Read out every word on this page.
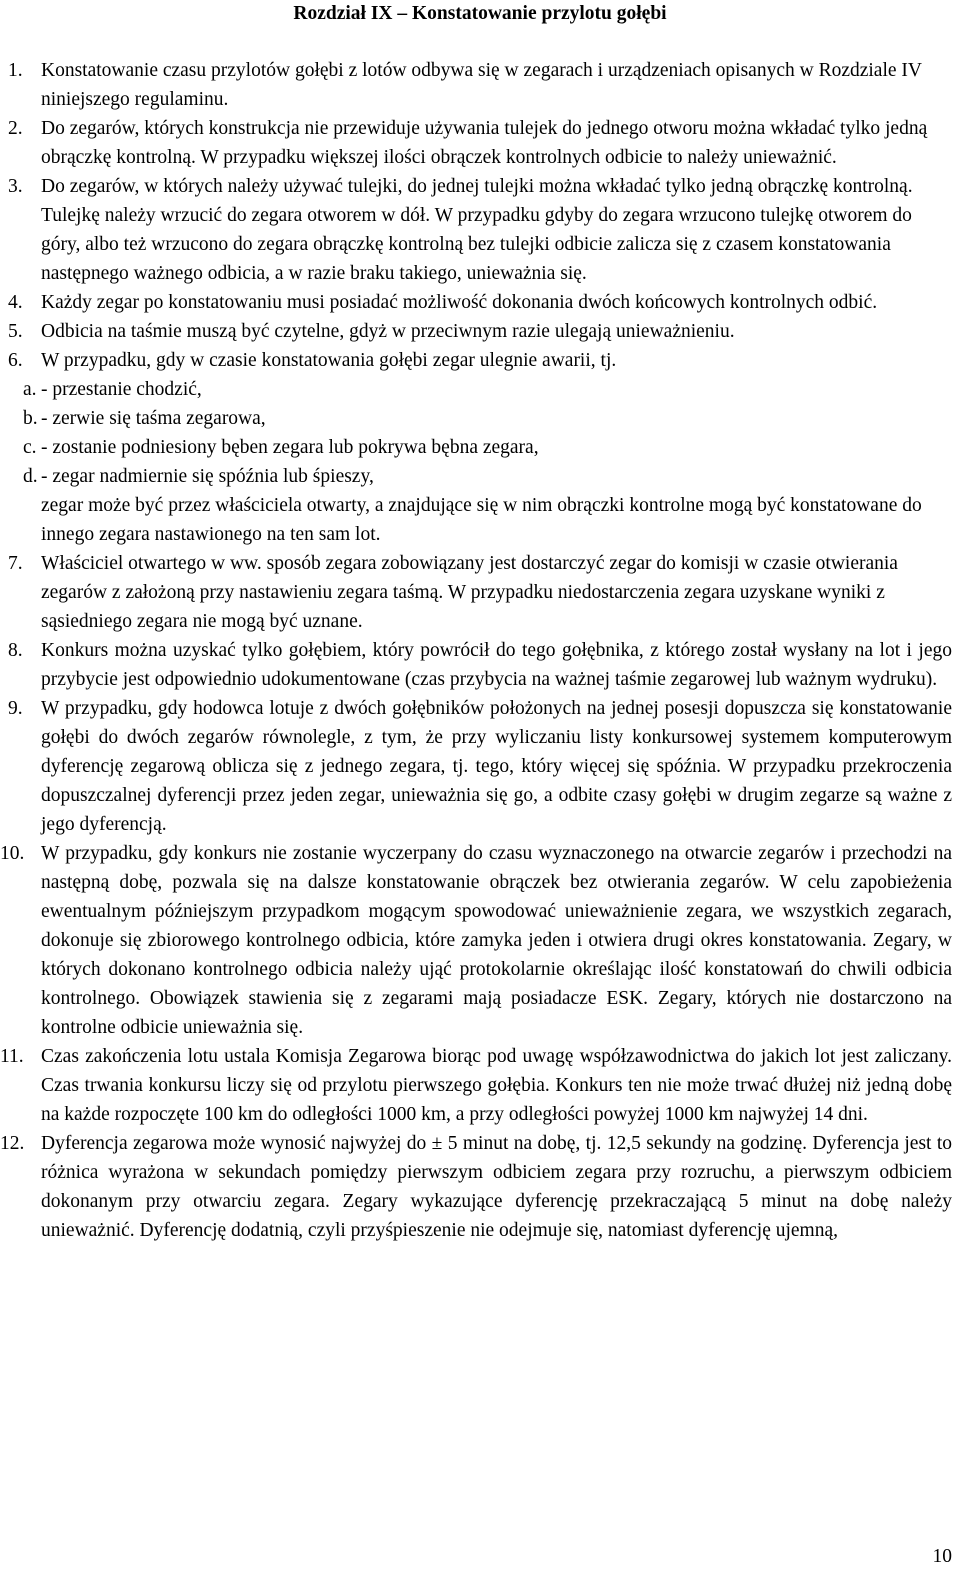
Rozdział IX – Konstatowanie przylotu gołębi
1. Konstatowanie czasu przylotów gołębi z lotów odbywa się w zegarach i urządzeniach opisanych w Rozdziale IV niniejszego regulaminu.
2. Do zegarów, których konstrukcja nie przewiduje używania tulejek do jednego otworu można wkładać tylko jedną obrączkę kontrolną. W przypadku większej ilości obrączek kontrolnych odbicie to należy unieważnić.
3. Do zegarów, w których należy używać tulejki, do jednej tulejki można wkładać tylko jedną obrączkę kontrolną. Tulejkę należy wrzucić do zegara otworem w dół. W przypadku gdyby do zegara wrzucono tulejkę otworem do góry, albo też wrzucono do zegara obrączkę kontrolną bez tulejki odbicie zalicza się z czasem konstatowania następnego ważnego odbicia, a w razie braku takiego, unieważnia się.
4. Każdy zegar po konstatowaniu musi posiadać możliwość dokonania dwóch końcowych kontrolnych odbić.
5. Odbicia na taśmie muszą być czytelne, gdyż w przeciwnym razie ulegają unieważnieniu.
6. W przypadku, gdy w czasie konstatowania gołębi zegar ulegnie awarii, tj.
a. - przestanie chodzić,
b. - zerwie się taśma zegarowa,
c. - zostanie podniesiony bęben zegara lub pokrywa bębna zegara,
d. - zegar nadmiernie się spóźnia lub śpieszy,
zegar może być przez właściciela otwarty, a znajdujące się w nim obrączki kontrolne mogą być konstatowane do innego zegara nastawionego na ten sam lot.
7. Właściciel otwartego w ww. sposób zegara zobowiązany jest dostarczyć zegar do komisji w czasie otwierania zegarów z założoną przy nastawieniu zegara taśmą. W przypadku niedostarczenia zegara uzyskane wyniki z sąsiedniego zegara nie mogą być uznane.
8. Konkurs można uzyskać tylko gołębiem, który powrócił do tego gołębnika, z którego został wysłany na lot i jego przybycie jest odpowiednio udokumentowane (czas przybycia na ważnej taśmie zegarowej lub ważnym wydruku).
9. W przypadku, gdy hodowca lotuje z dwóch gołębników położonych na jednej posesji dopuszcza się konstatowanie gołębi do dwóch zegarów równolegle, z tym, że przy wyliczaniu listy konkursowej systemem komputerowym dyferencję zegarową oblicza się z jednego zegara, tj. tego, który więcej się spóźnia. W przypadku przekroczenia dopuszczalnej dyferencji przez jeden zegar, unieważnia się go, a odbite czasy gołębi w drugim zegarze są ważne z jego dyferencją.
10. W przypadku, gdy konkurs nie zostanie wyczerpany do czasu wyznaczonego na otwarcie zegarów i przechodzi na następną dobę, pozwala się na dalsze konstatowanie obrączek bez otwierania zegarów. W celu zapobieżenia ewentualnym późniejszym przypadkom mogącym spowodować unieważnienie zegara, we wszystkich zegarach, dokonuje się zbiorowego kontrolnego odbicia, które zamyka jeden i otwiera drugi okres konstatowania. Zegary, w których dokonano kontrolnego odbicia należy ująć protokolarnie określając ilość konstatowań do chwili odbicia kontrolnego. Obowiązek stawienia się z zegarami mają posiadacze ESK. Zegary, których nie dostarczono na kontrolne odbicie unieważnia się.
11. Czas zakończenia lotu ustala Komisja Zegarowa biorąc pod uwagę współzawodnictwa do jakich lot jest zaliczany. Czas trwania konkursu liczy się od przylotu pierwszego gołębia. Konkurs ten nie może trwać dłużej niż jedną dobę na każde rozpoczęte 100 km do odległości 1000 km, a przy odległości powyżej 1000 km najwyżej 14 dni.
12. Dyferencja zegarowa może wynosić najwyżej do ± 5 minut na dobę, tj. 12,5 sekundy na godzinę. Dyferencja jest to różnica wyrażona w sekundach pomiędzy pierwszym odbiciem zegara przy rozruchu, a pierwszym odbiciem dokonanym przy otwarciu zegara. Zegary wykazujące dyferencję przekraczającą 5 minut na dobę należy unieważnić. Dyferencję dodatnią, czyli przyśpieszenie nie odejmuje się, natomiast dyferencję ujemną,
10
